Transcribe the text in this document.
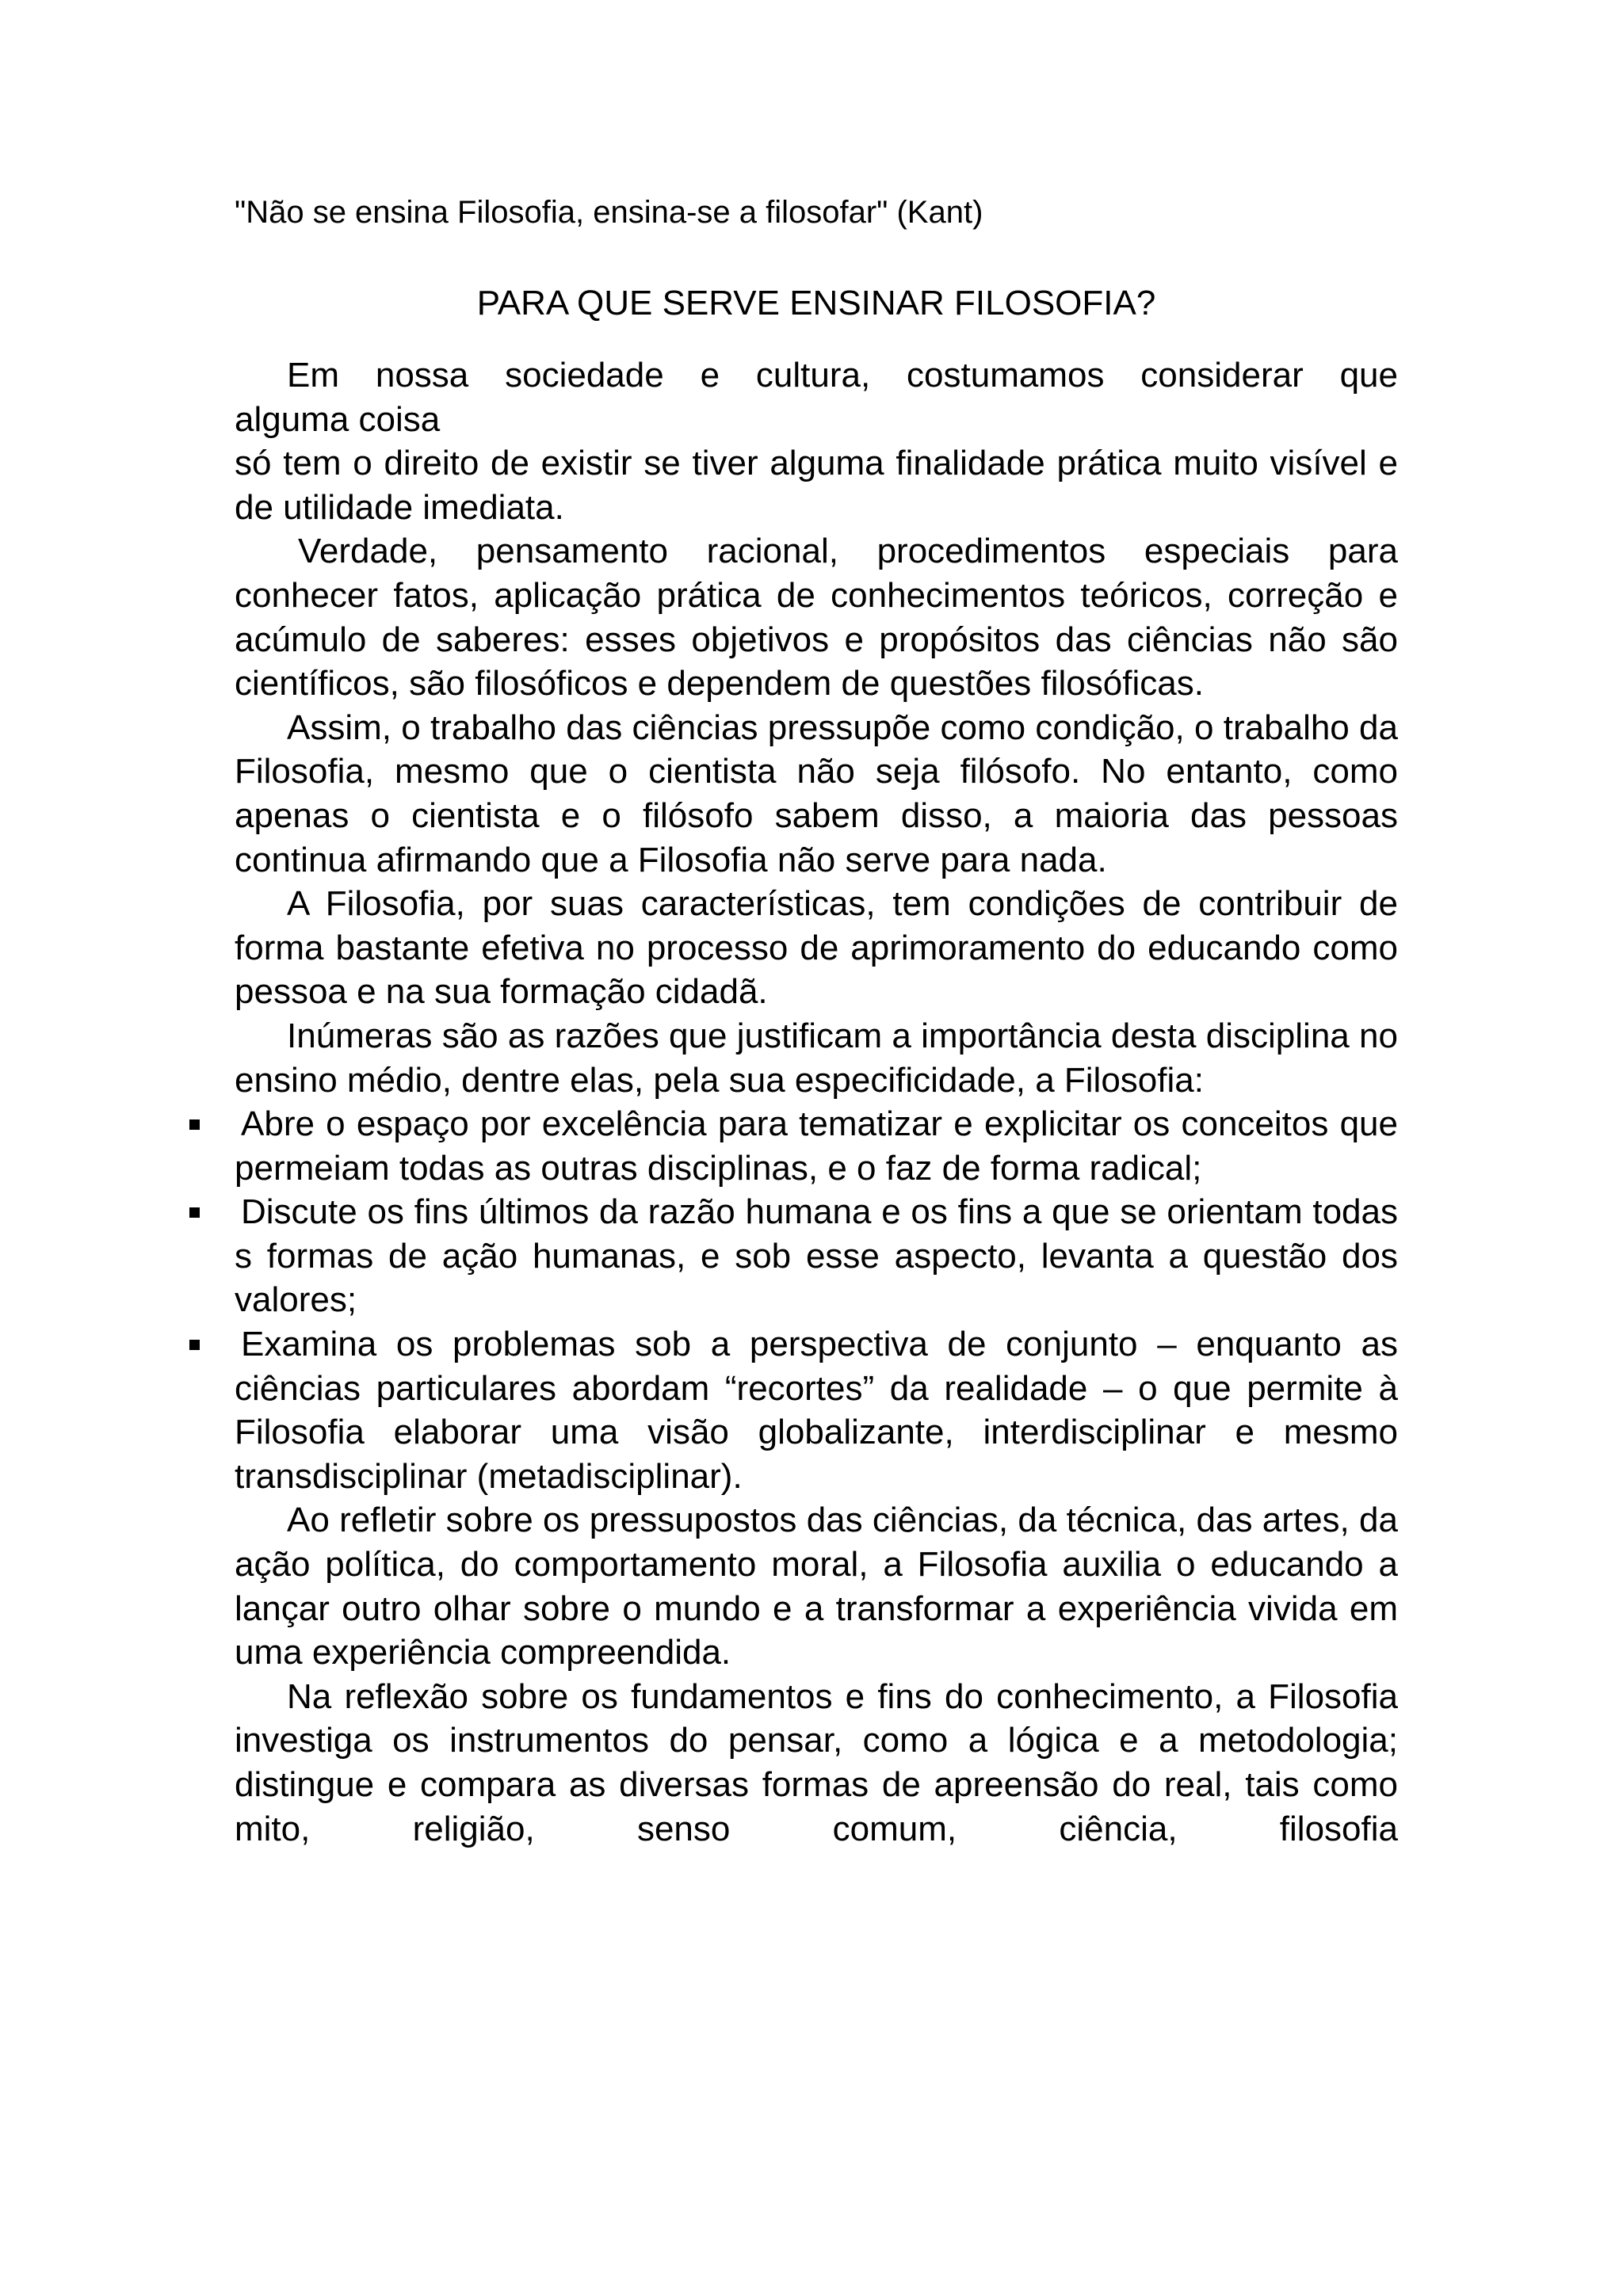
"Não se ensina Filosofia, ensina-se a filosofar" (Kant)

PARA QUE SERVE ENSINAR FILOSOFIA?

Em nossa sociedade e cultura, costumamos considerar que

alguma coisa

só tem o direito de existir se tiver alguma finalidade prática muito visível e de utilidade imediata.

Verdade, pensamento racional, procedimentos especiais para conhecer fatos, aplicação prática de conhecimentos teóricos, correção e acúmulo de saberes: esses objetivos e propósitos das ciências não são científicos, são filosóficos e dependem de questões filosóficas.

Assim, o trabalho das ciências pressupõe como condição, o trabalho da Filosofia, mesmo que o cientista não seja filósofo. No entanto, como apenas o cientista e o filósofo sabem disso, a maioria das pessoas continua afirmando que a Filosofia não serve para nada.

A Filosofia, por suas características, tem condições de contribuir de forma bastante efetiva no processo de aprimoramento do educando como pessoa e na sua formação cidadã.

Inúmeras são as razões que justificam a importância desta disciplina no ensino médio, dentre elas, pela sua especificidade, a Filosofia:

Abre o espaço por excelência para tematizar e explicitar os conceitos que permeiam todas as outras disciplinas, e o faz de forma radical;
Discute os fins últimos da razão humana e os fins a que se orientam todas s formas de ação humanas, e sob esse aspecto, levanta a questão dos valores;
Examina os problemas sob a perspectiva de conjunto – enquanto as ciências particulares abordam “recortes” da realidade – o que permite à Filosofia elaborar uma visão globalizante, interdisciplinar e mesmo transdisciplinar (metadisciplinar).

Ao refletir sobre os pressupostos das ciências, da técnica, das artes, da ação política, do comportamento moral, a Filosofia auxilia o educando a lançar outro olhar sobre o mundo e a transformar a experiência vivida em uma experiência compreendida.

Na reflexão sobre os fundamentos e fins do conhecimento, a Filosofia investiga os instrumentos do pensar, como a lógica e a metodologia; distingue e compara as diversas formas de apreensão do real, tais como mito, religião, senso comum, ciência, filosofia
